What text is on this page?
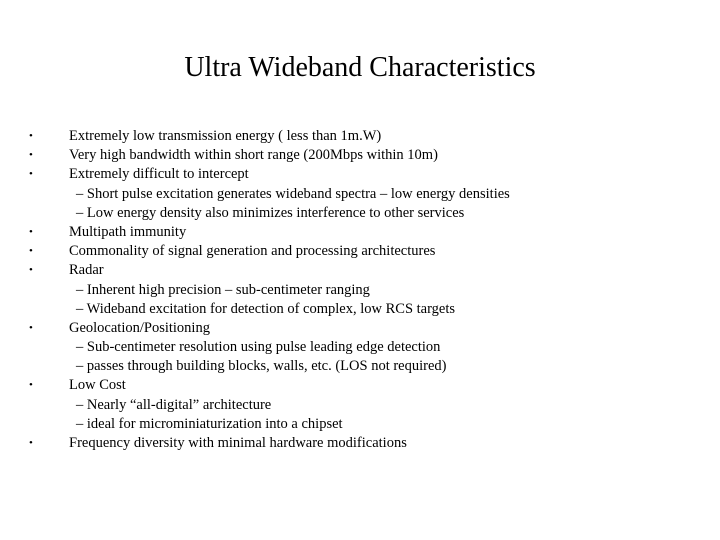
Ultra Wideband Characteristics
• Extremely low transmission energy ( less than 1m.W)
• Very high bandwidth within short range (200Mbps within 10m)
• Extremely difficult to intercept
– Short pulse excitation generates wideband spectra – low energy densities
– Low energy density also minimizes interference to other services
• Multipath immunity
• Commonality of signal generation and processing architectures
• Radar
– Inherent high precision – sub-centimeter ranging
– Wideband excitation for detection of complex, low RCS targets
• Geolocation/Positioning
– Sub-centimeter resolution using pulse leading edge detection
– passes through building blocks, walls, etc. (LOS not required)
• Low Cost
– Nearly “all-digital” architecture
– ideal for microminiaturization into a chipset
• Frequency diversity with minimal hardware modifications
